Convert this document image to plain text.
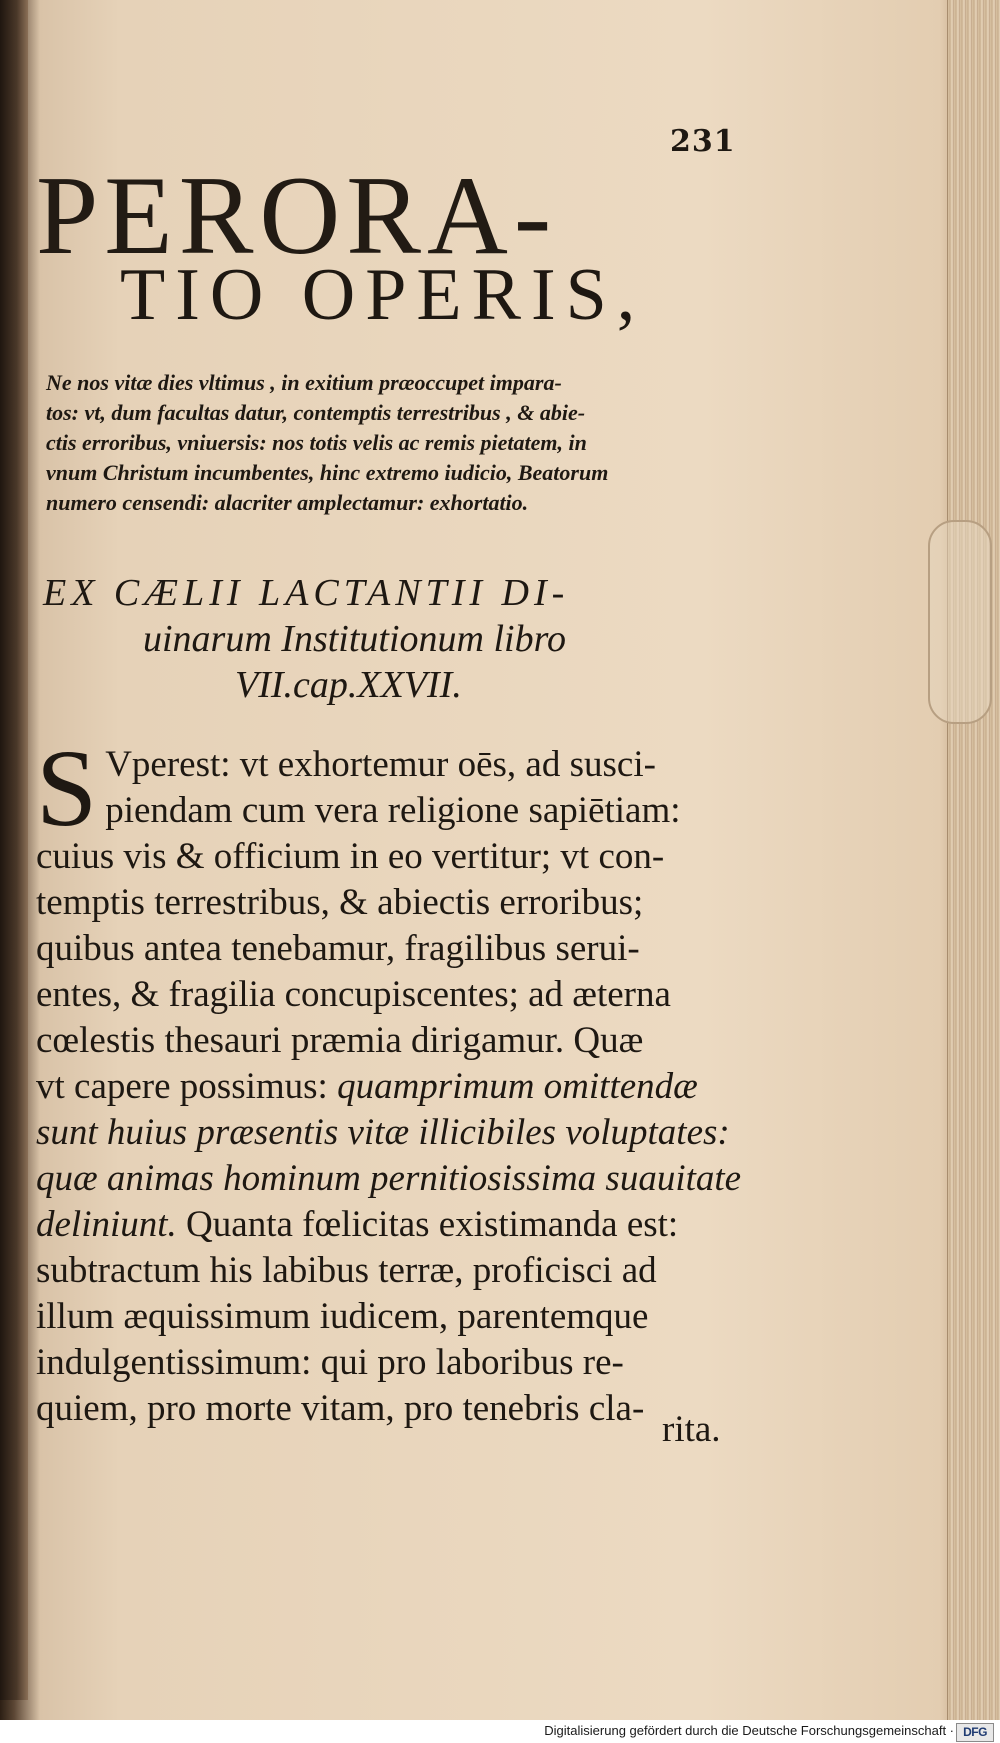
231
PERORA-
TIO OPERIS,
Ne nos vitæ dies vltimus , in exitium præoccupet impara-
tos: vt, dum facultas datur, contemptis terrestribus , & abie-
ctis erroribus, vniuersis: nos totis velis ac remis pietatem, in
vnum Christum incumbentes, hinc extremo iudicio, Beatorum
numero censendi: alacriter amplectamur: exhortatio.
EX CÆLII LACTANTII DI-
uinarum Institutionum libro
VII.cap.XXVII.
S Vperest: vt exhortemur oēs, ad susci-
piendam cum vera religione sapiētiam:
cuius vis & officium in eo vertitur; vt con-
temptis terrestribus, & abiectis erroribus;
quibus antea tenebamur, fragilibus serui-
entes, & fragilia concupiscentes; ad æterna
cœlestis thesauri præmia dirigamur. Quæ
vt capere possimus: quamprimum omittendæ
sunt huius præsentis vitæ illicibiles voluptates:
quæ animas hominum pernitiosissima suauitate
deliniunt. Quanta fœlicitas existimanda est:
subtractum his labibus terræ, proficisci ad
illum æquissimum iudicem, parentemque
indulgentissimum: qui pro laboribus re-
quiem, pro morte vitam, pro tenebris cla-
rita.
Digitalisierung gefördert durch die Deutsche Forschungsgemeinschaft · DFG
